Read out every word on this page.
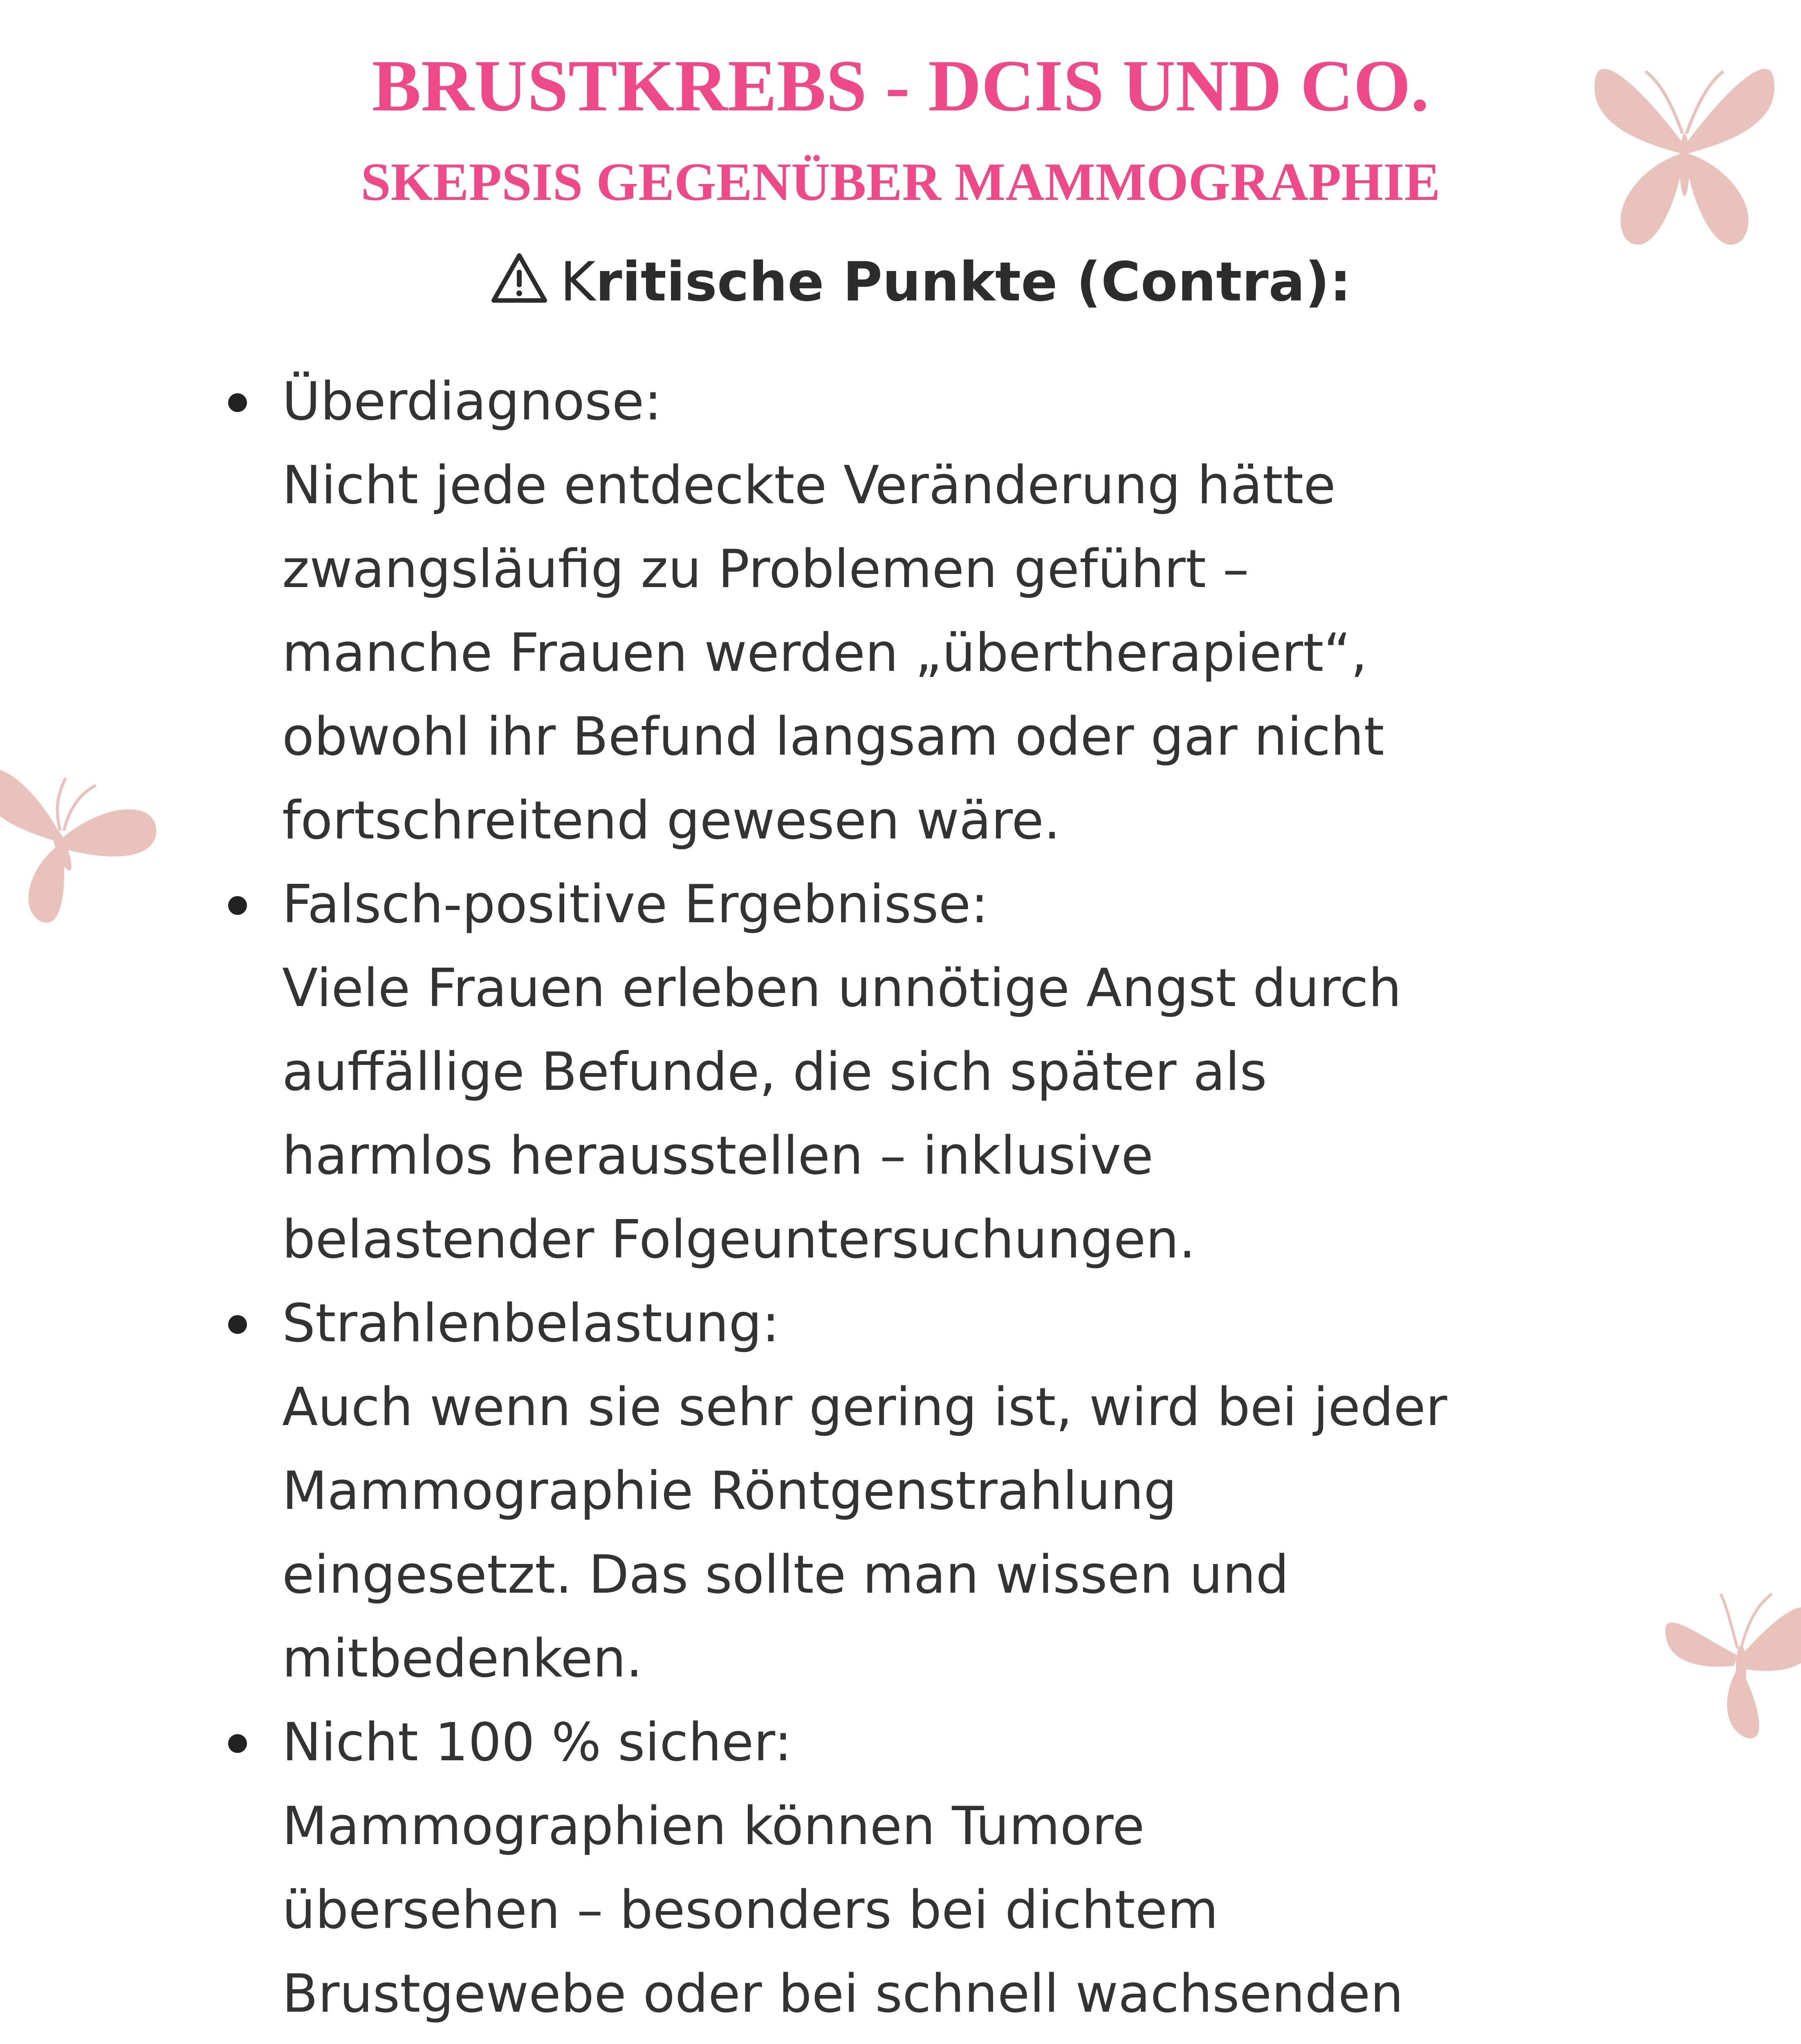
BRUSTKREBS - DCIS UND CO.
SKEPSIS GEGENÜBER MAMMOGRAPHIE
Kritische Punkte (Contra):
Überdiagnose:
Nicht jede entdeckte Veränderung hätte
zwangsläufig zu Problemen geführt –
manche Frauen werden „übertherapiert“,
obwohl ihr Befund langsam oder gar nicht
fortschreitend gewesen wäre.
Falsch-positive Ergebnisse:
Viele Frauen erleben unnötige Angst durch
auffällige Befunde, die sich später als
harmlos herausstellen – inklusive
belastender Folgeuntersuchungen.
Strahlenbelastung:
Auch wenn sie sehr gering ist, wird bei jeder
Mammographie Röntgenstrahlung
eingesetzt. Das sollte man wissen und
mitbedenken.
Nicht 100 % sicher:
Mammographien können Tumore
übersehen – besonders bei dichtem
Brustgewebe oder bei schnell wachsenden
